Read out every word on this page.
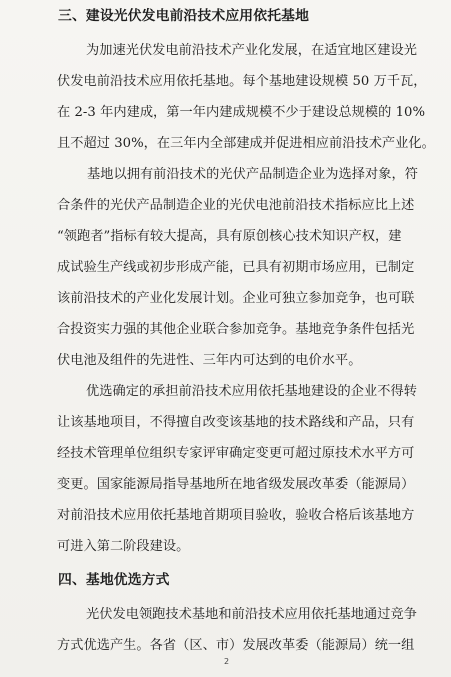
三、建设光伏发电前沿技术应用依托基地
为加速光伏发电前沿技术产业化发展，在适宜地区建设光
伏发电前沿技术应用依托基地。每个基地建设规模 50 万千瓦，
在 2-3 年内建成，第一年内建成规模不少于建设总规模的 10%
且不超过 30%，在三年内全部建成并促进相应前沿技术产业化。
基地以拥有前沿技术的光伏产品制造企业为选择对象，符
合条件的光伏产品制造企业的光伏电池前沿技术指标应比上述
“领跑者”指标有较大提高，具有原创核心技术知识产权，建
成试验生产线或初步形成产能，已具有初期市场应用，已制定
该前沿技术的产业化发展计划。企业可独立参加竞争，也可联
合投资实力强的其他企业联合参加竞争。基地竞争条件包括光
伏电池及组件的先进性、三年内可达到的电价水平。
优选确定的承担前沿技术应用依托基地建设的企业不得转
让该基地项目，不得擅自改变该基地的技术路线和产品，只有
经技术管理单位组织专家评审确定变更可超过原技术水平方可
变更。国家能源局指导基地所在地省级发展改革委（能源局）
对前沿技术应用依托基地首期项目验收，验收合格后该基地方
可进入第二阶段建设。
四、基地优选方式
光伏发电领跑技术基地和前沿技术应用依托基地通过竞争
方式优选产生。各省（区、市）发展改革委（能源局）统一组
2
